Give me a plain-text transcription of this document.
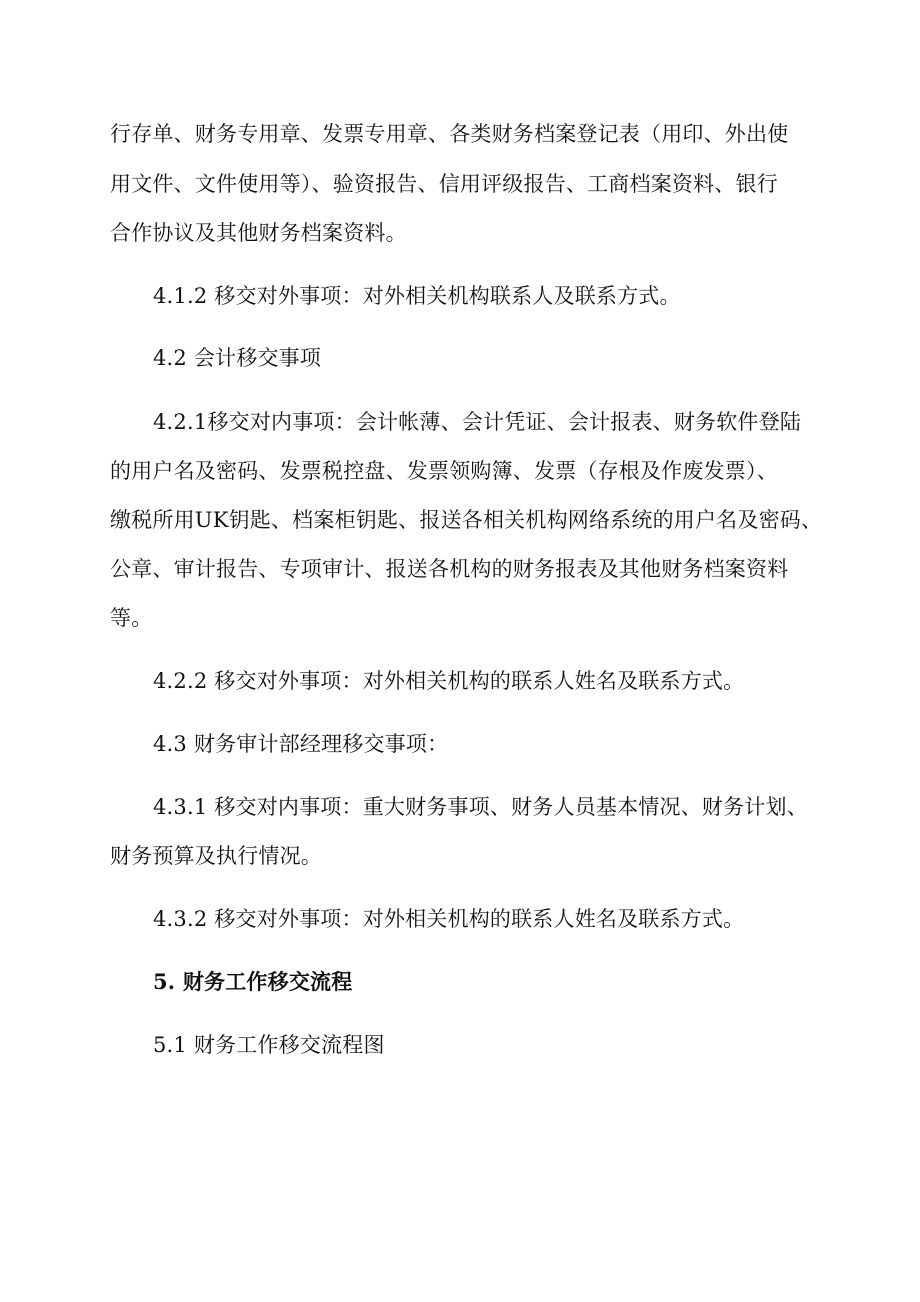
行存单、财务专用章、发票专用章、各类财务档案登记表（用印、外出使
用文件、文件使用等）、验资报告、信用评级报告、工商档案资料、银行
合作协议及其他财务档案资料。
4.1.2 移交对外事项：对外相关机构联系人及联系方式。
4.2 会计移交事项
4.2.1移交对内事项：会计帐薄、会计凭证、会计报表、财务软件登陆
的用户名及密码、发票税控盘、发票领购簿、发票（存根及作废发票）、
缴税所用UK钥匙、档案柜钥匙、报送各相关机构网络系统的用户名及密码、
公章、审计报告、专项审计、报送各机构的财务报表及其他财务档案资料
等。
4.2.2 移交对外事项：对外相关机构的联系人姓名及联系方式。
4.3 财务审计部经理移交事项：
4.3.1 移交对内事项：重大财务事项、财务人员基本情况、财务计划、
财务预算及执行情况。
4.3.2 移交对外事项：对外相关机构的联系人姓名及联系方式。
5. 财务工作移交流程
5.1 财务工作移交流程图
